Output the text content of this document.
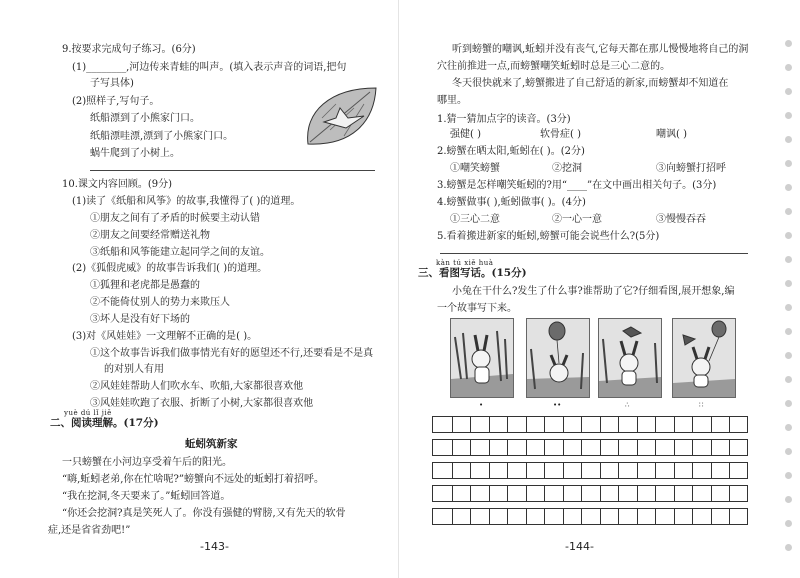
9.按要求完成句子练习。(6分)
(1)________,河边传来青蛙的叫声。(填入表示声音的词语,把句
子写具体)
(2)照样子,写句子。
纸船漂到了小熊家门口。
纸船漂哇漂,漂到了小熊家门口。
蜗牛爬到了小树上。
10.课文内容回顾。(9分)
(1)读了《纸船和风筝》的故事,我懂得了( )的道理。
①朋友之间有了矛盾的时候要主动认错
②朋友之间要经常赠送礼物
③纸船和风筝能建立起同学之间的友谊。
(2)《狐假虎威》的故事告诉我们( )的道理。
①狐狸和老虎都是愚蠢的
②不能倚仗别人的势力来欺压人
③坏人是没有好下场的
(3)对《风娃娃》一文理解不正确的是( )。
①这个故事告诉我们做事情光有好的愿望还不行,还要看是不是真
的对别人有用
②风娃娃帮助人们吹水车、吹船,大家都很喜欢他
③风娃娃吹跑了衣服、折断了小树,大家都很喜欢他
yuè dú lǐ jiě
二、阅读理解。(17分)
蚯蚓筑新家
一只螃蟹在小河边享受着午后的阳光。
“嗨,蚯蚓老弟,你在忙啥呢?”螃蟹向不远处的蚯蚓打着招呼。
“我在挖洞,冬天要来了。”蚯蚓回答道。
“你还会挖洞?真是笑死人了。你没有强健的臂膀,又有先天的软骨
症,还是省省劲吧!”
-143-
听到螃蟹的嘲讽,蚯蚓并没有丧气,它每天都在那儿慢慢地将自己的洞
穴往前推进一点,而螃蟹嘲笑蚯蚓时总是三心二意的。
冬天很快就来了,螃蟹搬进了自己舒适的新家,而螃蟹却不知道在
哪里。
1.猜一猜加点字的读音。(3分)
强健( )	软骨症( )	嘲讽( )
2.螃蟹在晒太阳,蚯蚓在( )。(2分)
①嘲笑螃蟹	②挖洞	③向螃蟹打招呼
3.螃蟹是怎样嘲笑蚯蚓的?用“____”在文中画出相关句子。(3分)
4.螃蟹做事( ),蚯蚓做事( )。(4分)
①三心二意	②一心一意	③慢慢吞吞
5.看着搬进新家的蚯蚓,螃蟹可能会说些什么?(5分)
kàn tú xiě huà
三、看图写话。(15分)
小兔在干什么?发生了什么事?谁帮助了它?仔细看图,展开想象,编
一个故事写下来。
•	••	∴	∷
-144-
